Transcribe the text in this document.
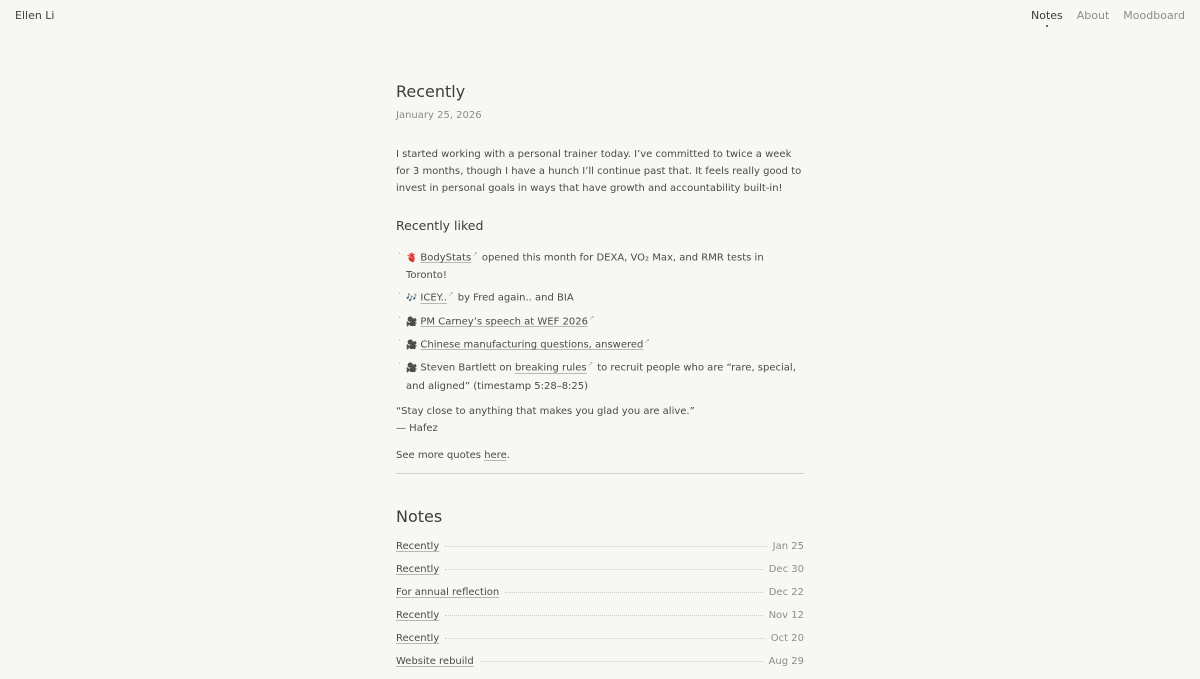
Ellen Li	Notes About Moodboard
Recently
January 25, 2026

I started working with a personal trainer today. I’ve committed to twice a week for 3 months, though I have a hunch I’ll continue past that. It feels really good to invest in personal goals in ways that have growth and accountability built-in!

Recently liked
· 🫀 BodyStats↗ opened this month for DEXA, VO₂ Max, and RMR tests in Toronto!
· 🎶 ICEY..↗ by Fred again.. and BIA
· 🎥 PM Carney’s speech at WEF 2026↗
· 🎥 Chinese manufacturing questions, answered↗
· 🎥 Steven Bartlett on breaking rules↗ to recruit people who are “rare, special, and aligned” (timestamp 5:28–8:25)

“Stay close to anything that makes you glad you are alive.”
— Hafez

See more quotes here.

Notes
Recently	Jan 25
Recently	Dec 30
For annual reflection	Dec 22
Recently	Nov 12
Recently	Oct 20
Website rebuild	Aug 29
